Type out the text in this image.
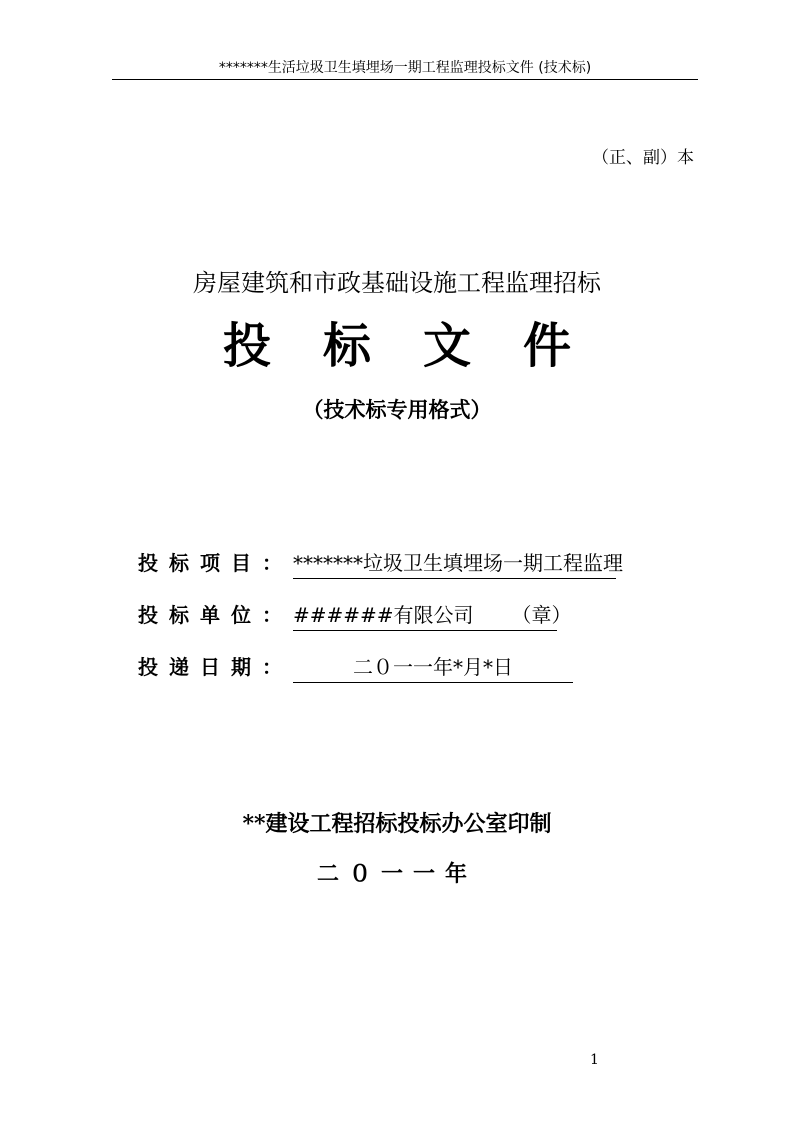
*******生活垃圾卫生填埋场一期工程监理投标文件 (技术标)
（正、副）本
房屋建筑和市政基础设施工程监理招标
投标文件
（技术标专用格式）
投标项目： *******垃圾卫生填埋场一期工程监理
投标单位： ######有限公司 （章）
投递日期：	二０一一年*月*日
**建设工程招标投标办公室印制
二０一一年
1
